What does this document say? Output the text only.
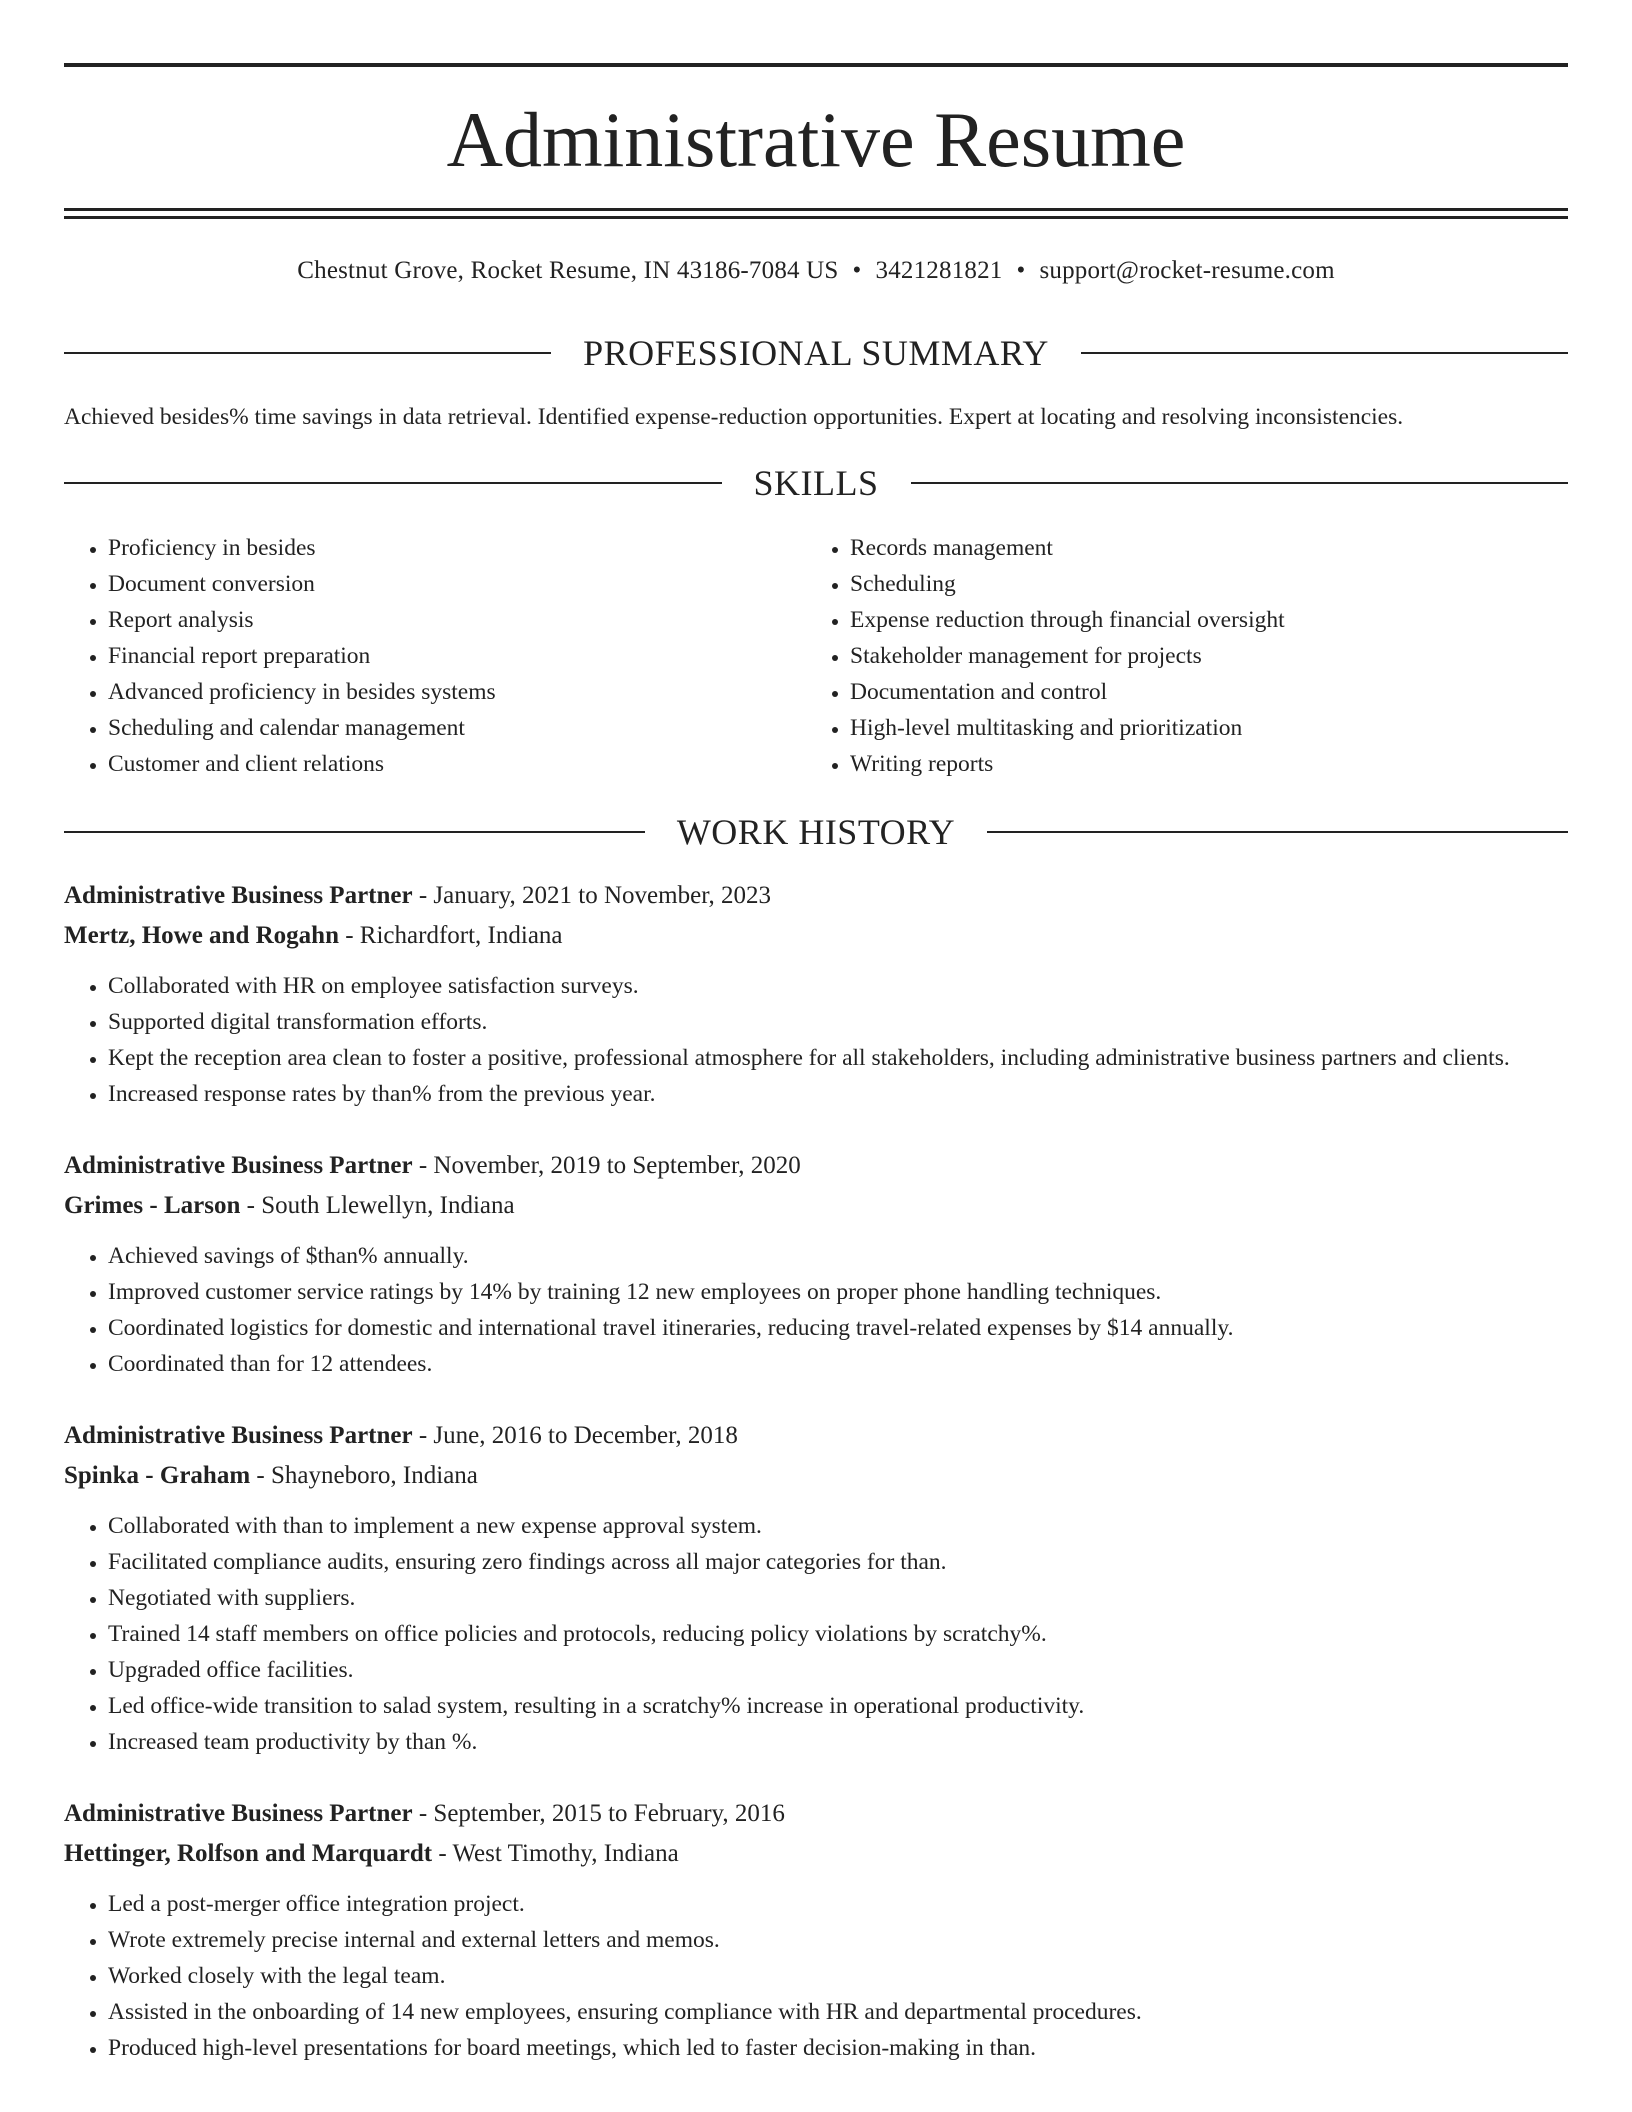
Administrative Resume
Chestnut Grove, Rocket Resume, IN 43186-7084 US • 3421281821 • support@rocket-resume.com
PROFESSIONAL SUMMARY

Achieved besides% time savings in data retrieval. Identified expense-reduction opportunities. Expert at locating and resolving inconsistencies.

SKILLS
• Proficiency in besides
• Document conversion
• Report analysis
• Financial report preparation
• Advanced proficiency in besides systems
• Scheduling and calendar management
• Customer and client relations
• Records management
• Scheduling
• Expense reduction through financial oversight
• Stakeholder management for projects
• Documentation and control
• High-level multitasking and prioritization
• Writing reports
WORK HISTORY
Administrative Business Partner - January, 2021 to November, 2023
Mertz, Howe and Rogahn - Richardfort, Indiana
• Collaborated with HR on employee satisfaction surveys.
• Supported digital transformation efforts.
• Kept the reception area clean to foster a positive, professional atmosphere for all stakeholders, including administrative business partners and clients.
• Increased response rates by than% from the previous year.
Administrative Business Partner - November, 2019 to September, 2020
Grimes - Larson - South Llewellyn, Indiana
• Achieved savings of $than% annually.
• Improved customer service ratings by 14% by training 12 new employees on proper phone handling techniques.
• Coordinated logistics for domestic and international travel itineraries, reducing travel-related expenses by $14 annually.
• Coordinated than for 12 attendees.
Administrative Business Partner - June, 2016 to December, 2018
Spinka - Graham - Shayneboro, Indiana
• Collaborated with than to implement a new expense approval system.
• Facilitated compliance audits, ensuring zero findings across all major categories for than.
• Negotiated with suppliers.
• Trained 14 staff members on office policies and protocols, reducing policy violations by scratchy%.
• Upgraded office facilities.
• Led office-wide transition to salad system, resulting in a scratchy% increase in operational productivity.
• Increased team productivity by than %.
Administrative Business Partner - September, 2015 to February, 2016
Hettinger, Rolfson and Marquardt - West Timothy, Indiana
• Led a post-merger office integration project.
• Wrote extremely precise internal and external letters and memos.
• Worked closely with the legal team.
• Assisted in the onboarding of 14 new employees, ensuring compliance with HR and departmental procedures.
• Produced high-level presentations for board meetings, which led to faster decision-making in than.
